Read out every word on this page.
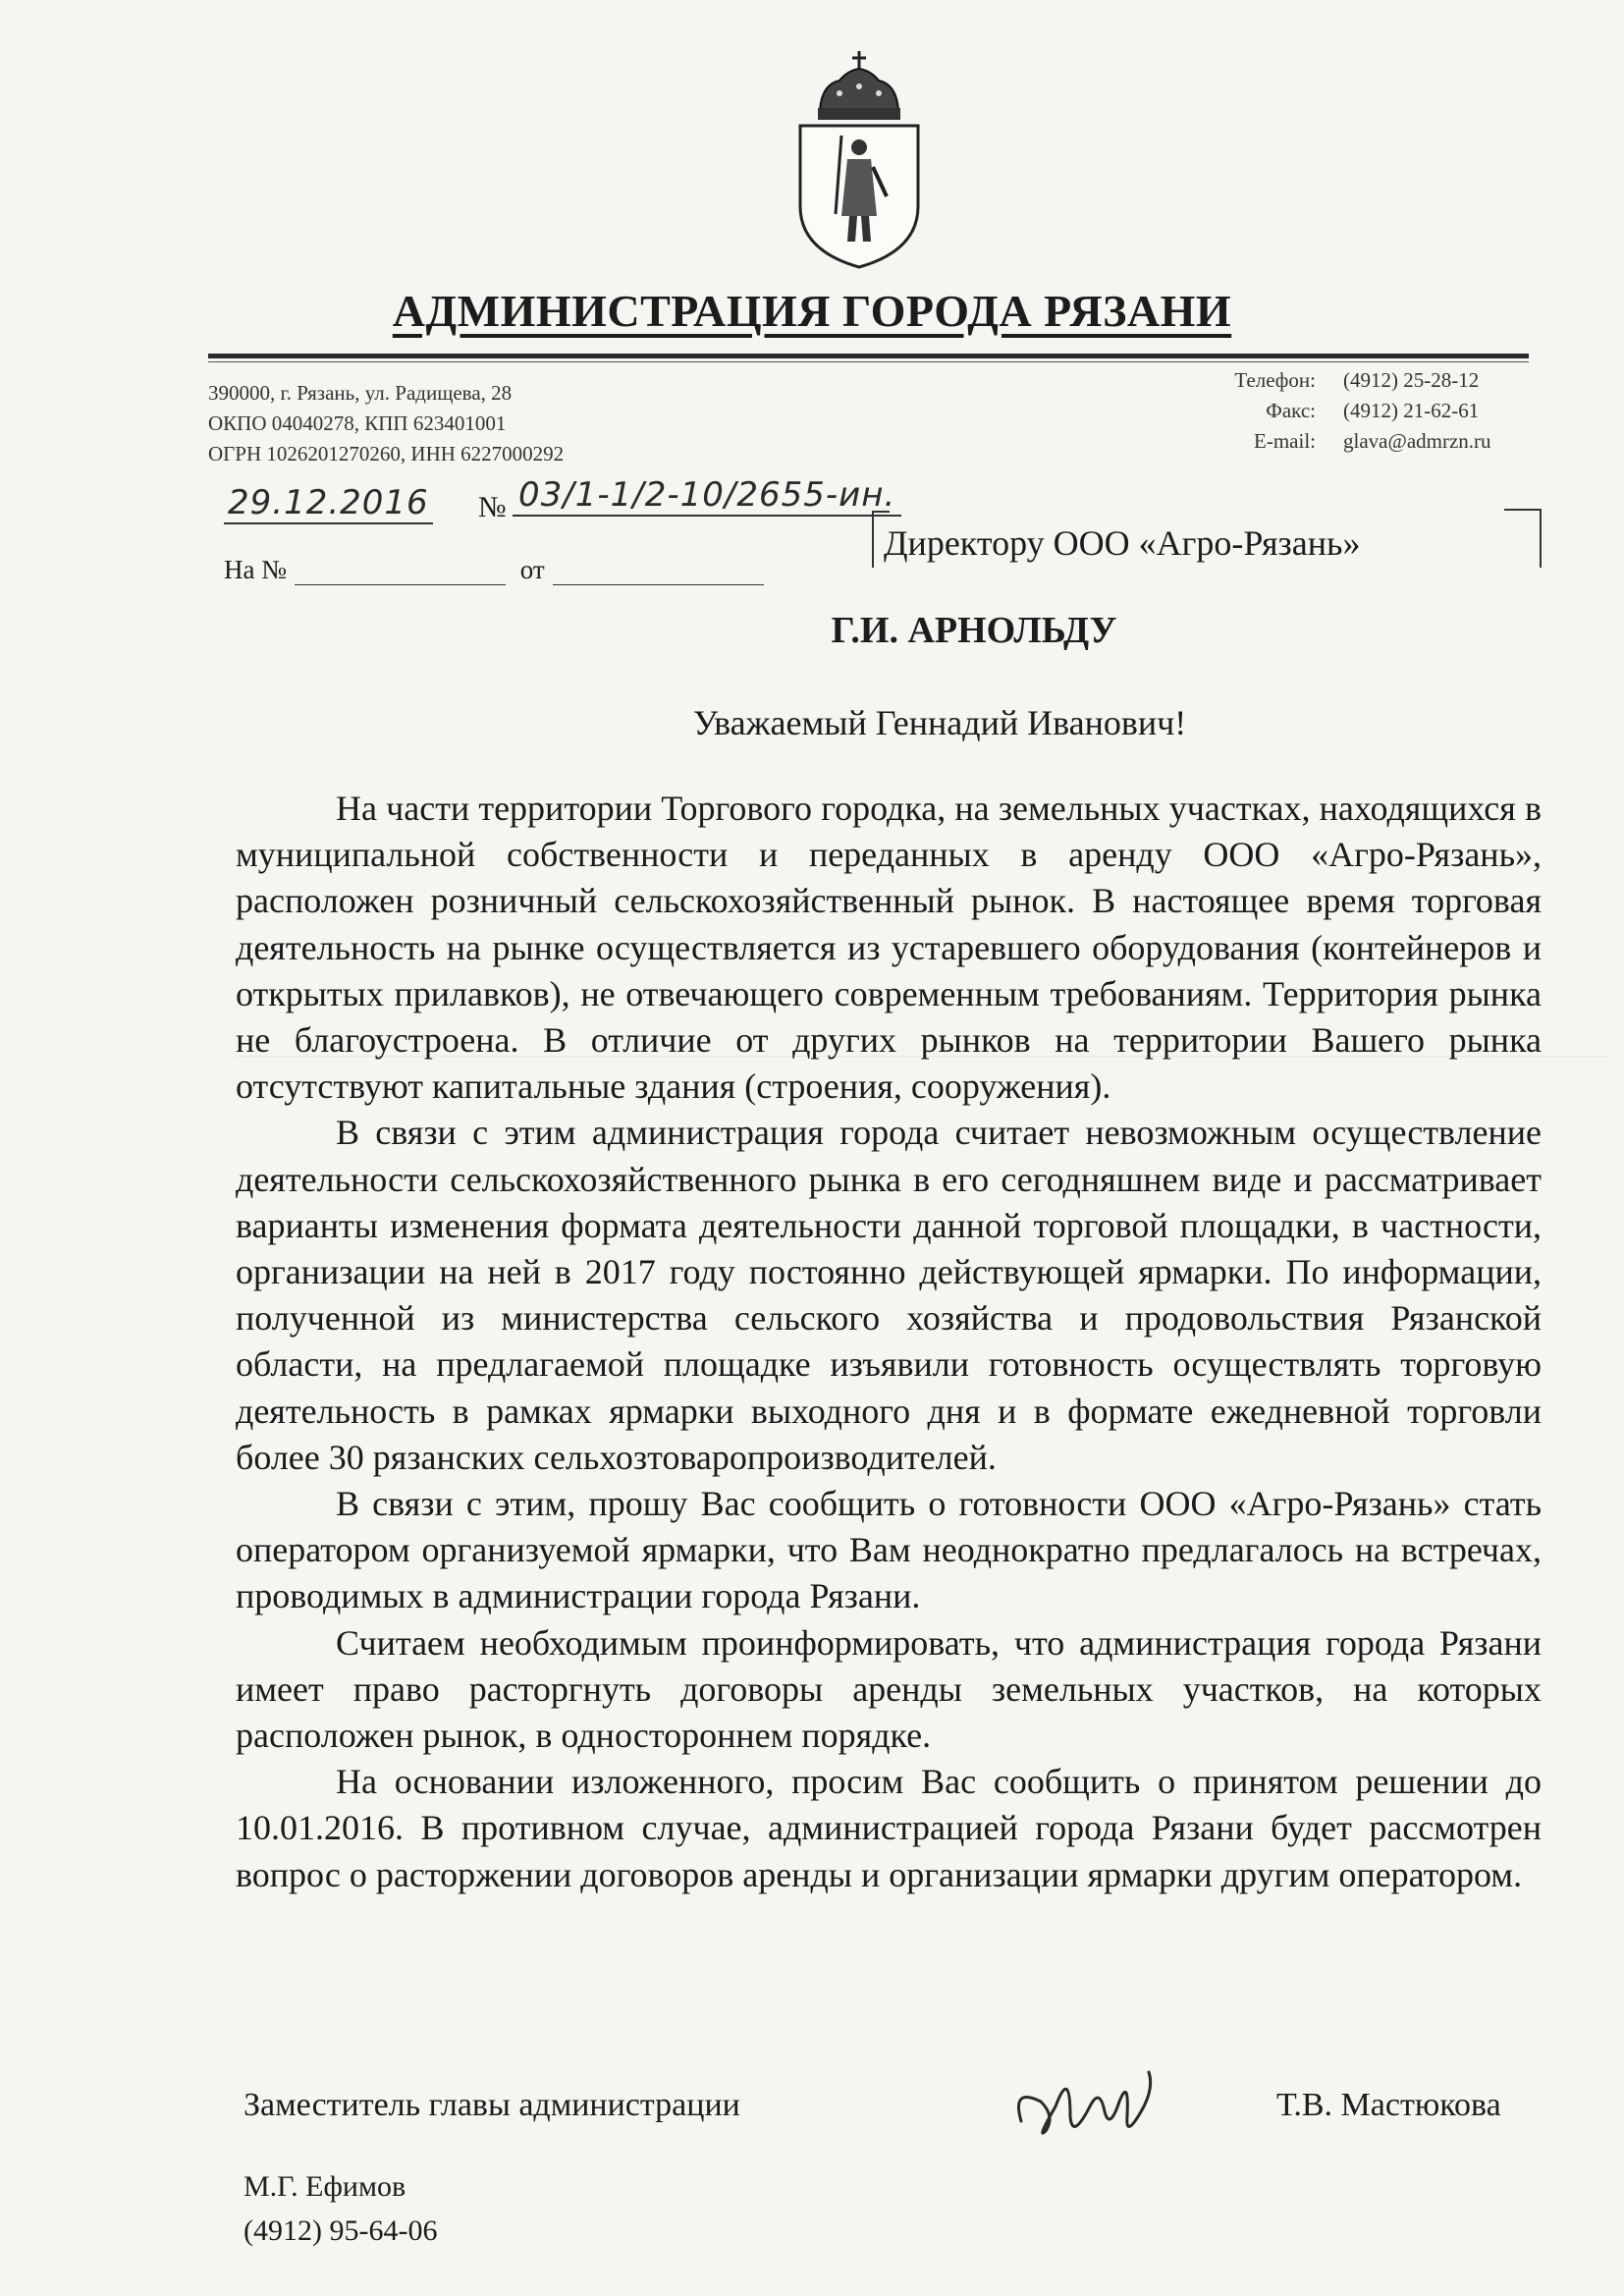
АДМИНИСТРАЦИЯ ГОРОДА РЯЗАНИ
390000, г. Рязань, ул. Радищева, 28
ОКПО 04040278, КПП 623401001
ОГРН 1026201270260, ИНН 6227000292
Телефон:	(4912) 25-28-12
Факс:	(4912) 21-62-61
E-mail:	glava@admrzn.ru
29.12.2016 № 03/1-1/2-10/2655-ин.
На №	от
Директору ООО «Агро-Рязань»
Г.И. АРНОЛЬДУ
Уважаемый Геннадий Иванович!

На части территории Торгового городка, на земельных участках, находящихся в муниципальной собственности и переданных в аренду ООО «Агро-Рязань», расположен розничный сельскохозяйственный рынок. В настоящее время торговая деятельность на рынке осуществляется из устаревшего оборудования (контейнеров и открытых прилавков), не отвечающего современным требованиям. Территория рынка не благоустроена. В отличие от других рынков на территории Вашего рынка отсутствуют капитальные здания (строения, сооружения).

В связи с этим администрация города считает невозможным осуществление деятельности сельскохозяйственного рынка в его сегодняшнем виде и рассматривает варианты изменения формата деятельности данной торговой площадки, в частности, организации на ней в 2017 году постоянно действующей ярмарки. По информации, полученной из министерства сельского хозяйства и продовольствия Рязанской области, на предлагаемой площадке изъявили готовность осуществлять торговую деятельность в рамках ярмарки выходного дня и в формате ежедневной торговли более 30 рязанских сельхозтоваропроизводителей.

В связи с этим, прошу Вас сообщить о готовности ООО «Агро-Рязань» стать оператором организуемой ярмарки, что Вам неоднократно предлагалось на встречах, проводимых в администрации города Рязани.

Считаем необходимым проинформировать, что администрация города Рязани имеет право расторгнуть договоры аренды земельных участков, на которых расположен рынок, в одностороннем порядке.

На основании изложенного, просим Вас сообщить о принятом решении до 10.01.2016. В противном случае, администрацией города Рязани будет рассмотрен вопрос о расторжении договоров аренды и организации ярмарки другим оператором.

Заместитель главы администрации	Т.В. Мастюкова
М.Г. Ефимов
(4912) 95-64-06
